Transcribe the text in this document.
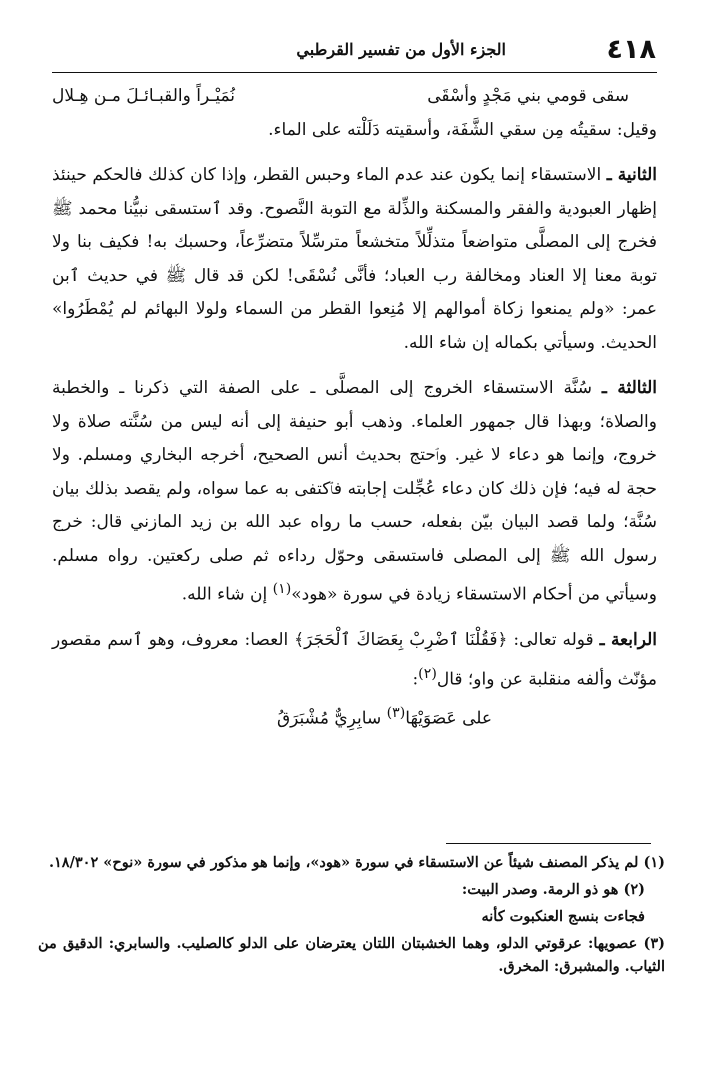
٤١٨
الجزء الأول من تفسير القرطبي
سقى قومي بني مَجْدٍ وأسْقَى
نُمَيْـراً والقبـائـلَ مـن هِـلال

وقيل: سقيتُه مِن سقي الشَّفَة، وأسقيته دَلَلْته على الماء.

الثانية ـ الاستسقاء إنما يكون عند عدم الماء وحبس القطر، وإذا كان كذلك فالحكم حينئذ إظهار العبودية والفقر والمسكنة والذِّلة مع التوبة النَّصوح. وقد ٱستسقى نبيُّنا محمد ﷺ فخرج إلى المصلَّى متواضعاً متذلِّلاً متخشعاً مترسِّلاً متضرِّعاً، وحسبك به! فكيف بنا ولا توبة معنا إلا العناد ومخالفة رب العباد؛ فأنَّى نُسْقَى! لكن قد قال ﷺ في حديث ٱبن عمر: «ولم يمنعوا زكاة أموالهم إلا مُنِعوا القطر من السماء ولولا البهائم لم يُمْطَرُوا» الحديث. وسيأتي بكماله إن شاء الله.

الثالثة ـ سُنَّة الاستسقاء الخروج إلى المصلَّى ـ على الصفة التي ذكرنا ـ والخطبة والصلاة؛ وبهذا قال جمهور العلماء. وذهب أبو حنيفة إلى أنه ليس من سُنَّته صلاة ولا خروج، وإنما هو دعاء لا غير. وٱحتج بحديث أنس الصحيح، أخرجه البخاري ومسلم. ولا حجة له فيه؛ فإن ذلك كان دعاء عُجِّلت إجابته فٱكتفى به عما سواه، ولم يقصد بذلك بيان سُنَّة؛ ولما قصد البيان بيّن بفعله، حسب ما رواه عبد الله بن زيد المازني قال: خرج رسول الله ﷺ إلى المصلى فاستسقى وحوّل رداءه ثم صلى ركعتين. رواه مسلم. وسيأتي من أحكام الاستسقاء زيادة في سورة «هود»$^{(١)}$ إن شاء الله.

الرابعة ـ قوله تعالى: ﴿فَقُلْنَا ٱضْرِبْ بِعَصَاكَ ٱلْحَجَرَ﴾ العصا: معروف، وهو ٱسم مقصور مؤنّث وألفه منقلبة عن واو؛ قال$^{(٢)}$:

على عَصَوَيْهَا$^{(٣)}$ سابِرِيٌّ مُشْبَرَقُ

(١) لم يذكر المصنف شيئاً عن الاستسقاء في سورة «هود»، وإنما هو مذكور في سورة «نوح» ١٨/٣٠٢.

(٢) هو ذو الرمة. وصدر البيت:

فجاءت بنسج العنكبوت كأنه

(٣) عصويها: عرقوتي الدلو، وهما الخشبتان اللتان يعترضان على الدلو كالصليب. والسابري: الدقيق من الثياب. والمشبرق: المخرق.
